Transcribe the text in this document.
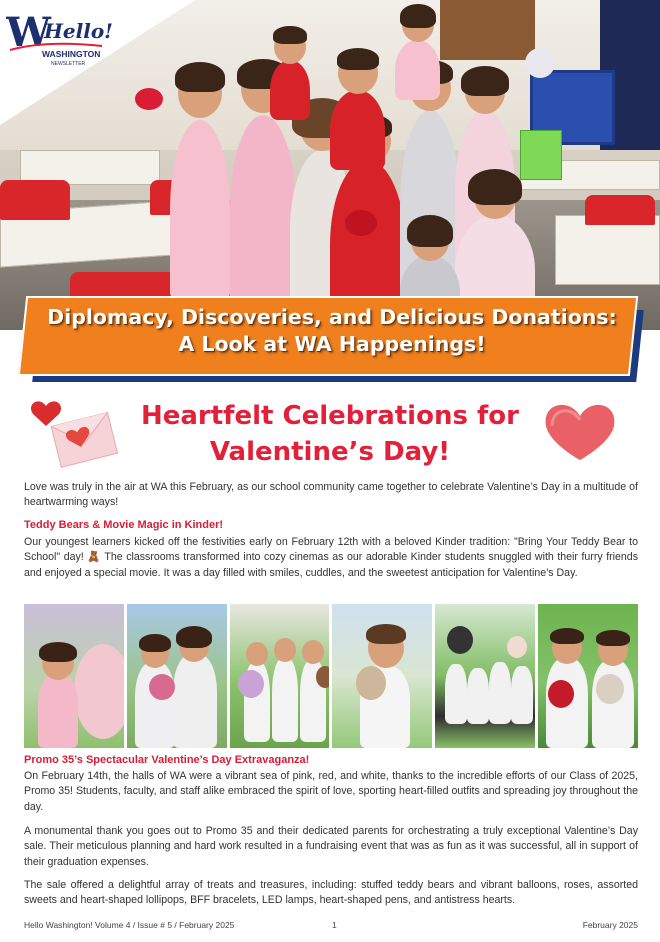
W
Hello!
WASHINGTON
NEWSLETTER
Diplomacy, Discoveries, and Delicious Donations:
A Look at WA Happenings!
Heartfelt Celebrations for
Valentine’s Day!

Love was truly in the air at WA this February, as our school community came together to celebrate Valentine’s Day in a multitude of heartwarming ways!

Teddy Bears & Movie Magic in Kinder!

Our youngest learners kicked off the festivities early on February 12th with a beloved Kinder tradition: "Bring Your Teddy Bear to School" day! 🧸 The classrooms transformed into cozy cinemas as our adorable Kinder students snuggled with their furry friends and enjoyed a special movie. It was a day filled with smiles, cuddles, and the sweetest anticipation for Valentine’s Day.

Promo 35’s Spectacular Valentine’s Day Extravaganza!

On February 14th, the halls of WA were a vibrant sea of pink, red, and white, thanks to the incredible efforts of our Class of 2025, Promo 35! Students, faculty, and staff alike embraced the spirit of love, sporting heart-filled outfits and spreading joy throughout the day.

A monumental thank you goes out to Promo 35 and their dedicated parents for orchestrating a truly exceptional Valentine’s Day sale. Their meticulous planning and hard work resulted in a fundraising event that was as fun as it was successful, all in support of their graduation expenses.

The sale offered a delightful array of treats and treasures, including: stuffed teddy bears and vibrant balloons, roses, assorted sweets and heart-shaped lollipops, BFF bracelets, LED lamps, heart-shaped pens, and antistress hearts.

Hello Washington! Volume 4 / Issue # 5 / February 2025	1	February 2025
